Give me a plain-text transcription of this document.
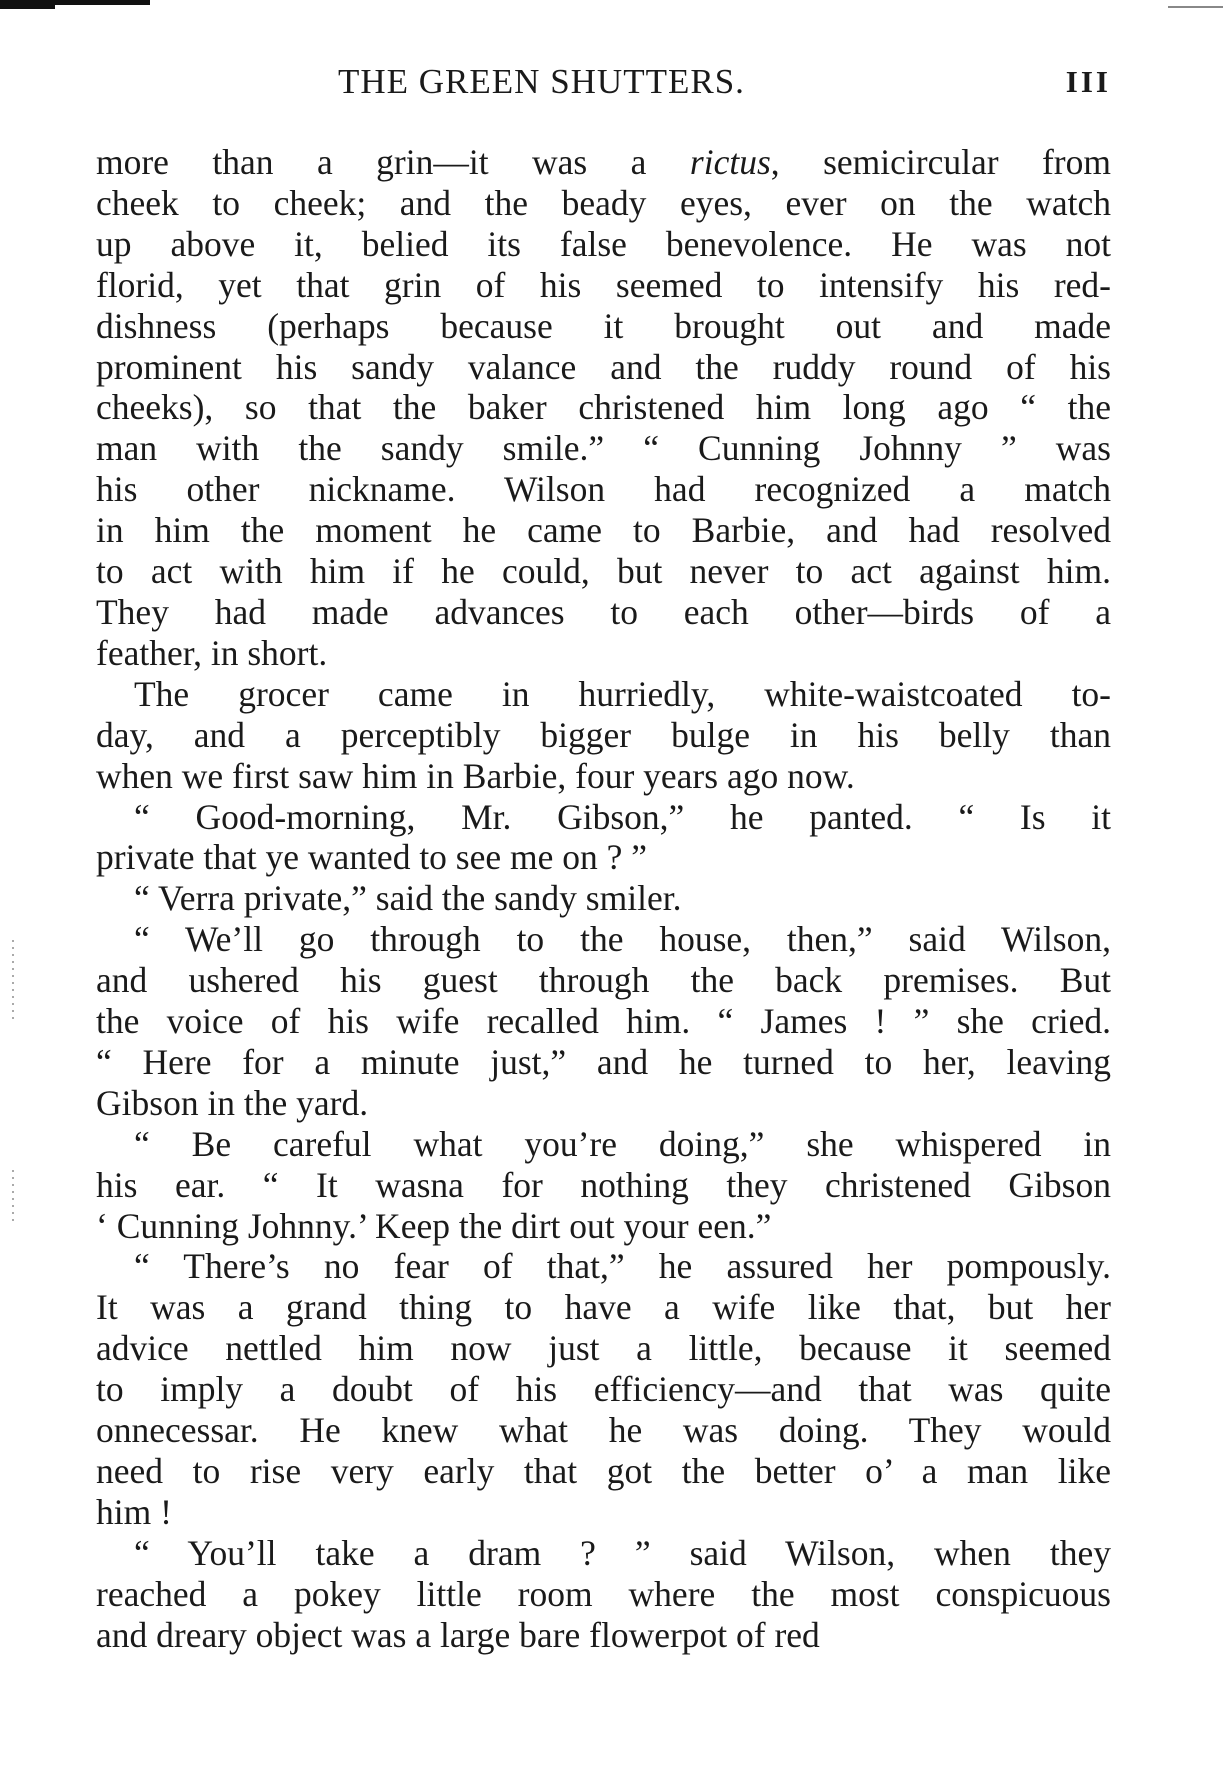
THE GREEN SHUTTERS.	III
more than a grin—it was a rictus, semicircular from
cheek to cheek; and the beady eyes, ever on the watch
up above it, belied its false benevolence. He was not
florid, yet that grin of his seemed to intensify his red-
dishness (perhaps because it brought out and made
prominent his sandy valance and the ruddy round of his
cheeks), so that the baker christened him long ago “ the
man with the sandy smile.” “ Cunning Johnny ” was
his other nickname. Wilson had recognized a match
in him the moment he came to Barbie, and had resolved
to act with him if he could, but never to act against him.
They had made advances to each other—birds of a
feather, in short.
The grocer came in hurriedly, white-waistcoated to-
day, and a perceptibly bigger bulge in his belly than
when we first saw him in Barbie, four years ago now.
“ Good-morning, Mr. Gibson,” he panted. “ Is it
private that ye wanted to see me on ? ”
“ Verra private,” said the sandy smiler.
“ We’ll go through to the house, then,” said Wilson,
and ushered his guest through the back premises. But
the voice of his wife recalled him. “ James ! ” she cried.
“ Here for a minute just,” and he turned to her, leaving
Gibson in the yard.
“ Be careful what you’re doing,” she whispered in
his ear. “ It wasna for nothing they christened Gibson
‘ Cunning Johnny.’ Keep the dirt out your een.”
“ There’s no fear of that,” he assured her pompously.
It was a grand thing to have a wife like that, but her
advice nettled him now just a little, because it seemed
to imply a doubt of his efficiency—and that was quite
onnecessar. He knew what he was doing. They would
need to rise very early that got the better o’ a man like
him !
“ You’ll take a dram ? ” said Wilson, when they
reached a pokey little room where the most conspicuous
and dreary object was a large bare flowerpot of red
